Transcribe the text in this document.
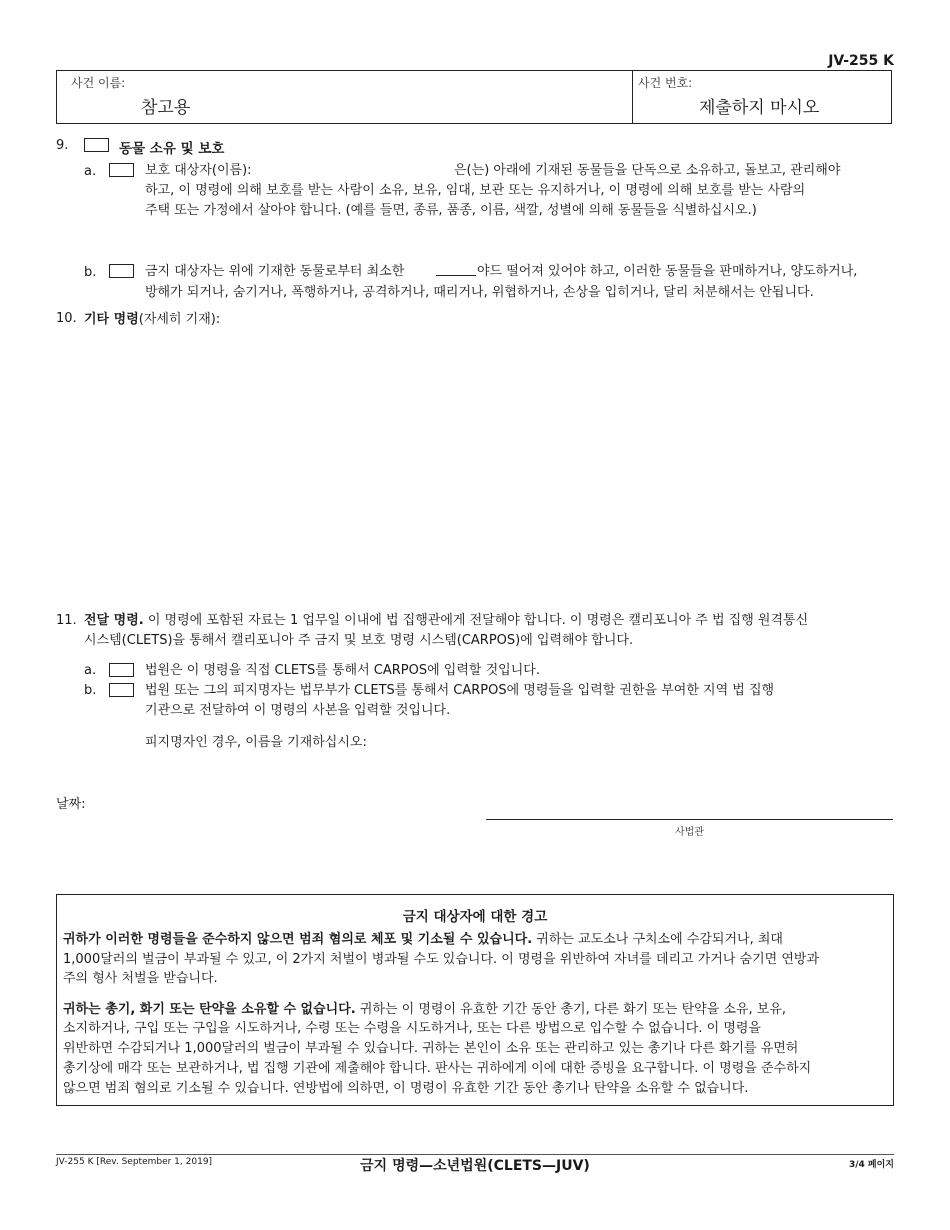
JV-255 K
사건 이름:
참고용
사건 번호:
제출하지 마시오
9.	동물 소유 및 보호
a.	보호 대상자(이름):	은(는) 아래에 기재된 동물들을 단독으로 소유하고, 돌보고, 관리해야
하고, 이 명령에 의해 보호를 받는 사람이 소유, 보유, 임대, 보관 또는 유지하거나, 이 명령에 의해 보호를 받는 사람의
주택 또는 가정에서 살아야 합니다. (예를 들면, 종류, 품종, 이름, 색깔, 성별에 의해 동물들을 식별하십시오.)
b.	금지 대상자는 위에 기재한 동물로부터 최소한	야드 떨어져 있어야 하고, 이러한 동물들을 판매하거나, 양도하거나,
방해가 되거나, 숨기거나, 폭행하거나, 공격하거나, 때리거나, 위협하거나, 손상을 입히거나, 달리 처분해서는 안됩니다.
10. 기타 명령(자세히 기재):
11. 전달 명령. 이 명령에 포함된 자료는 1 업무일 이내에 법 집행관에게 전달해야 합니다. 이 명령은 캘리포니아 주 법 집행 원격통신
시스템(CLETS)을 통해서 캘리포니아 주 금지 및 보호 명령 시스템(CARPOS)에 입력해야 합니다.
a.	법원은 이 명령을 직접 CLETS를 통해서 CARPOS에 입력할 것입니다.
b.	법원 또는 그의 피지명자는 법무부가 CLETS를 통해서 CARPOS에 명령들을 입력할 권한을 부여한 지역 법 집행
기관으로 전달하여 이 명령의 사본을 입력할 것입니다.
피지명자인 경우, 이름을 기재하십시오:
날짜:
사법관
금지 대상자에 대한 경고
귀하가 이러한 명령들을 준수하지 않으면 범죄 혐의로 체포 및 기소될 수 있습니다. 귀하는 교도소나 구치소에 수감되거나, 최대
1,000달러의 벌금이 부과될 수 있고, 이 2가지 처벌이 병과될 수도 있습니다. 이 명령을 위반하여 자녀를 데리고 가거나 숨기면 연방과
주의 형사 처벌을 받습니다.
귀하는 총기, 화기 또는 탄약을 소유할 수 없습니다. 귀하는 이 명령이 유효한 기간 동안 총기, 다른 화기 또는 탄약을 소유, 보유,
소지하거나, 구입 또는 구입을 시도하거나, 수령 또는 수령을 시도하거나, 또는 다른 방법으로 입수할 수 없습니다. 이 명령을
위반하면 수감되거나 1,000달러의 벌금이 부과될 수 있습니다. 귀하는 본인이 소유 또는 관리하고 있는 총기나 다른 화기를 유면허
총기상에 매각 또는 보관하거나, 법 집행 기관에 제출해야 합니다. 판사는 귀하에게 이에 대한 증빙을 요구합니다. 이 명령을 준수하지
않으면 범죄 혐의로 기소될 수 있습니다. 연방법에 의하면, 이 명령이 유효한 기간 동안 총기나 탄약을 소유할 수 없습니다.
JV-255 K [Rev. September 1, 2019]	금지 명령—소년법원(CLETS—JUV)	3/4 페이지
